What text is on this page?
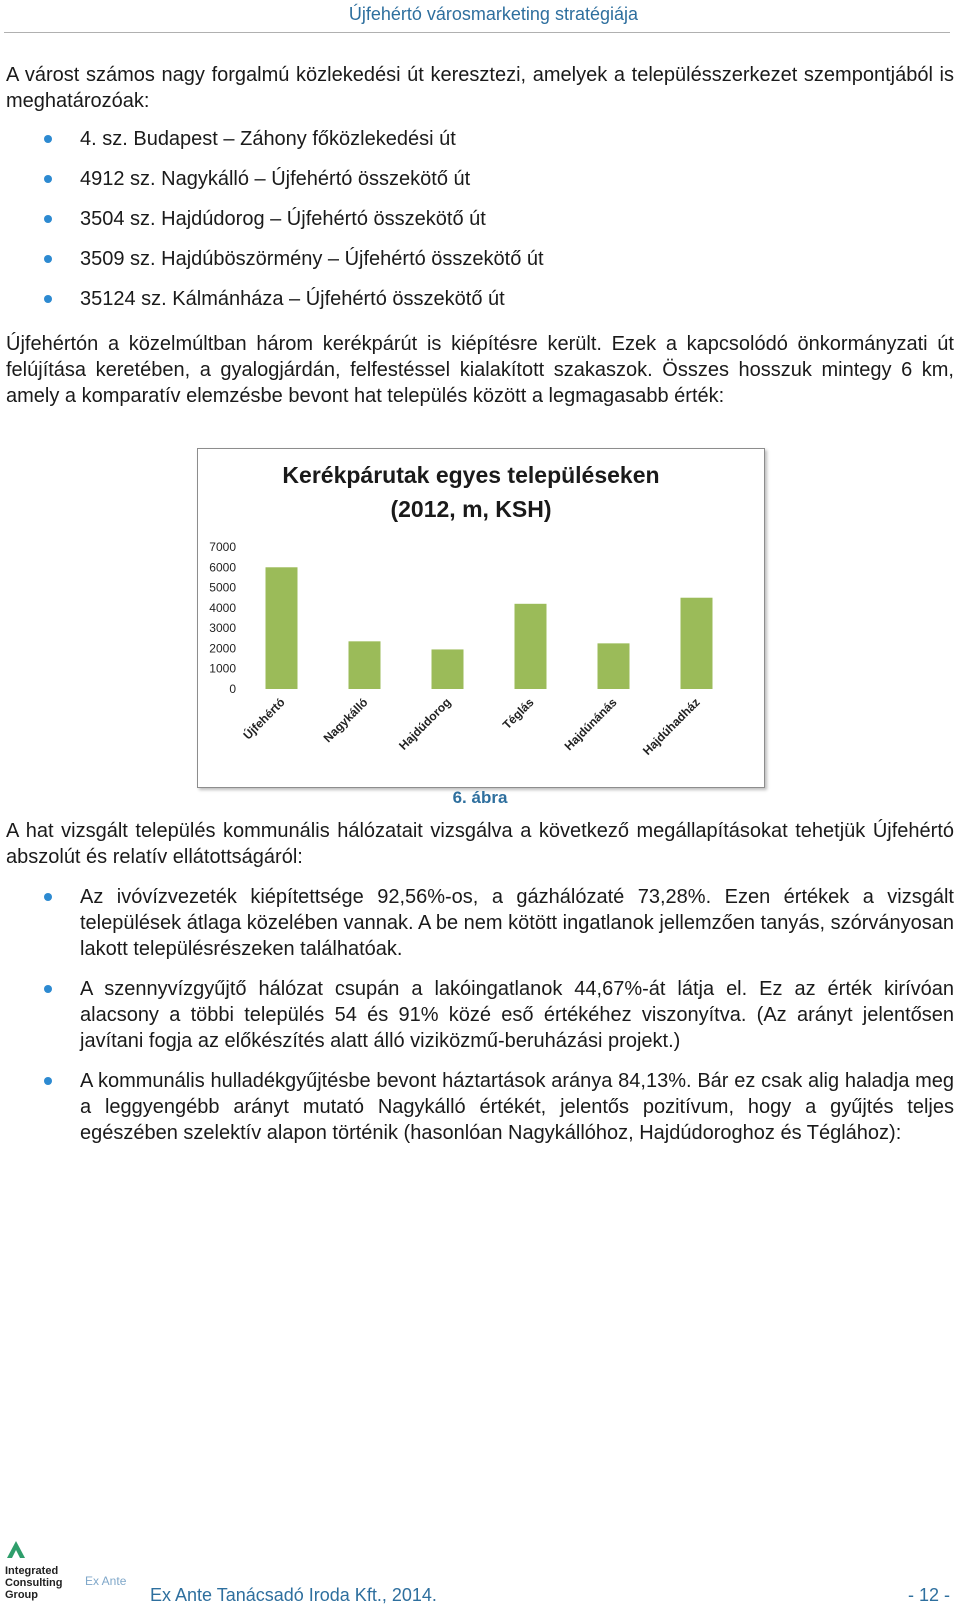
Újfehértó városmarketing stratégiája
A várost számos nagy forgalmú közlekedési út keresztezi, amelyek a településszerkezet szempontjából is meghatározóak:
4. sz. Budapest – Záhony főközlekedési út
4912 sz. Nagykálló – Újfehértó összekötő út
3504 sz. Hajdúdorog – Újfehértó összekötő út
3509 sz. Hajdúböszörmény – Újfehértó összekötő út
35124 sz. Kálmánháza – Újfehértó összekötő út
Újfehértón a közelmúltban három kerékpárút is kiépítésre került. Ezek a kapcsolódó önkormányzati út felújítása keretében, a gyalogjárdán, felfestéssel kialakított szakaszok. Összes hosszuk mintegy 6 km, amely a komparatív elemzésbe bevont hat település között a legmagasabb érték:
Kerékpárutak egyes településeken
(2012, m, KSH)
0
1000
2000
3000
4000
5000
6000
7000
Újfehértó	Nagykálló Hajdúdorog	Téglás Hajdúnánás Hajdúhadház
6. ábra
A hat vizsgált település kommunális hálózatait vizsgálva a következő megállapításokat tehetjük Újfehértó abszolút és relatív ellátottságáról:
Az ivóvízvezeték kiépítettsége 92,56%-os, a gázhálózaté 73,28%. Ezen értékek a vizsgált települések átlaga közelében vannak. A be nem kötött ingatlanok jellemzően tanyás, szórványosan lakott településrészeken találhatóak.
A szennyvízgyűjtő hálózat csupán a lakóingatlanok 44,67%-át látja el. Ez az érték kirívóan alacsony a többi település 54 és 91% közé eső értékéhez viszonyítva. (Az arányt jelentősen javítani fogja az előkészítés alatt álló viziközmű-beruházási projekt.)
A kommunális hulladékgyűjtésbe bevont háztartások aránya 84,13%. Bár ez csak alig haladja meg a leggyengébb arányt mutató Nagykálló értékét, jelentős pozitívum, hogy a gyűjtés teljes egészében szelektív alapon történik (hasonlóan Nagykállóhoz, Hajdúdoroghoz és Téglához):
Integrated
Consulting
Group
Ex Ante
Ex Ante Tanácsadó Iroda Kft., 2014.	- 12 -
